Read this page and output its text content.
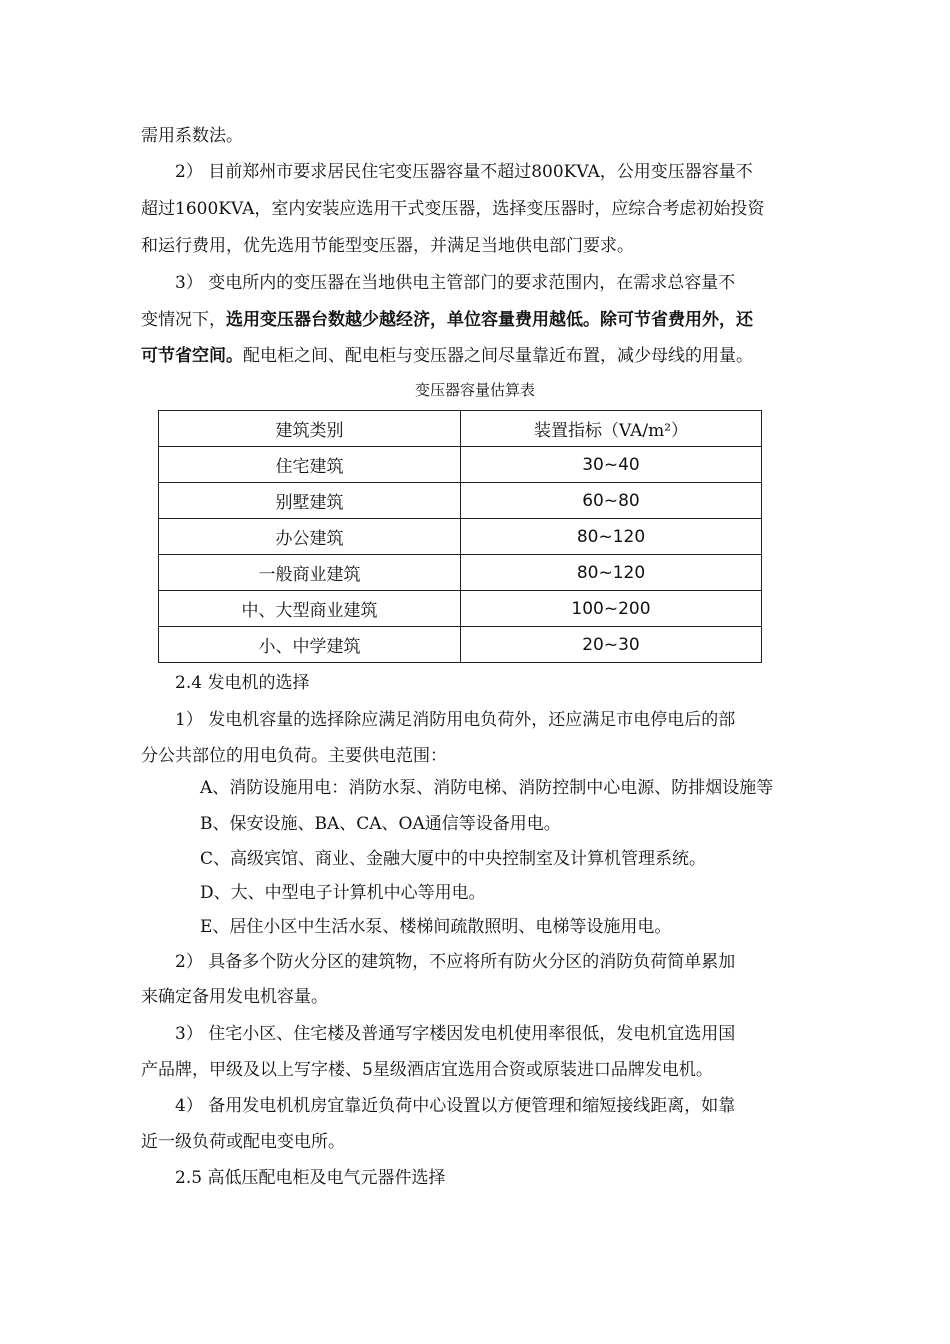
需用系数法。
2） 目前郑州市要求居民住宅变压器容量不超过800KVA，公用变压器容量不
超过1600KVA，室内安装应选用干式变压器，选择变压器时，应综合考虑初始投资
和运行费用，优先选用节能型变压器，并满足当地供电部门要求。
3） 变电所内的变压器在当地供电主管部门的要求范围内，在需求总容量不
变情况下，选用变压器台数越少越经济，单位容量费用越低。除可节省费用外，还
可节省空间。配电柜之间、配电柜与变压器之间尽量靠近布置，减少母线的用量。
变压器容量估算表
建筑类别	装置指标（VA/m²）
住宅建筑	30~40
别墅建筑	60~80
办公建筑	80~120
一般商业建筑	80~120
中、大型商业建筑	100~200
小、中学建筑	20~30
2.4 发电机的选择
1） 发电机容量的选择除应满足消防用电负荷外，还应满足市电停电后的部
分公共部位的用电负荷。主要供电范围：
A、消防设施用电：消防水泵、消防电梯、消防控制中心电源、防排烟设施等
B、保安设施、BA、CA、OA通信等设备用电。
C、高级宾馆、商业、金融大厦中的中央控制室及计算机管理系统。
D、大、中型电子计算机中心等用电。
E、居住小区中生活水泵、楼梯间疏散照明、电梯等设施用电。
2） 具备多个防火分区的建筑物，不应将所有防火分区的消防负荷简单累加
来确定备用发电机容量。
3） 住宅小区、住宅楼及普通写字楼因发电机使用率很低，发电机宜选用国
产品牌，甲级及以上写字楼、5星级酒店宜选用合资或原装进口品牌发电机。
4） 备用发电机机房宜靠近负荷中心设置以方便管理和缩短接线距离，如靠
近一级负荷或配电变电所。
2.5 高低压配电柜及电气元器件选择
